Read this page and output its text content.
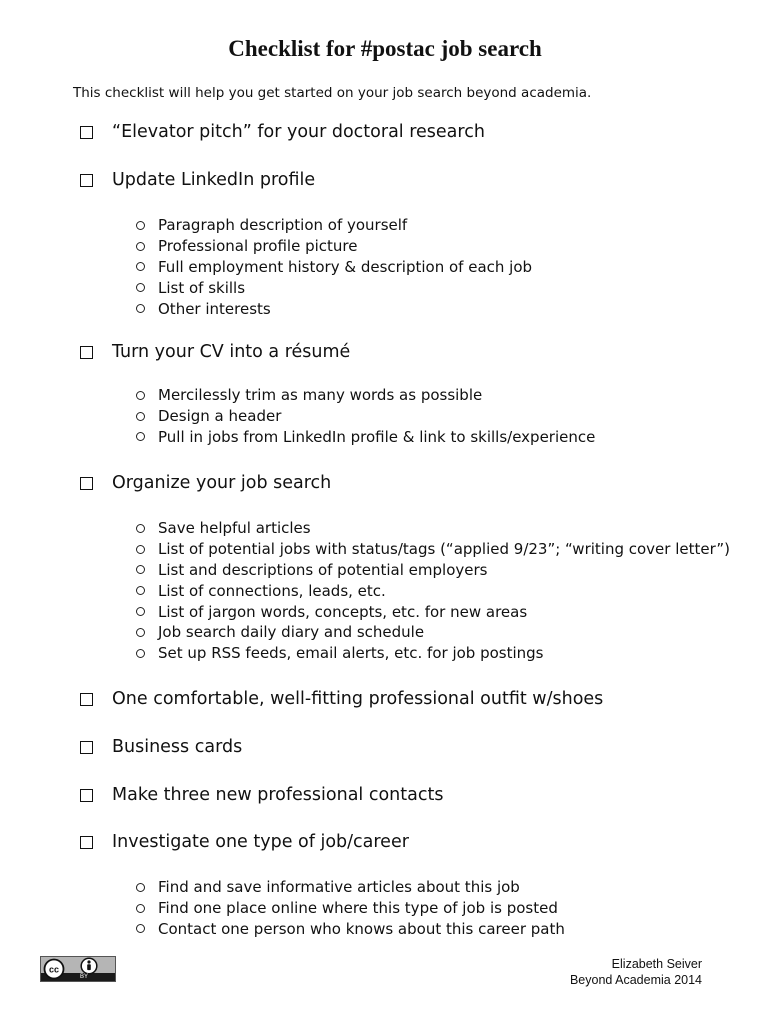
Checklist for #postac job search

This checklist will help you get started on your job search beyond academia.

“Elevator pitch” for your doctoral research
Update LinkedIn profile
Paragraph description of yourself
Professional profile picture
Full employment history & description of each job
List of skills
Other interests
Turn your CV into a résumé
Mercilessly trim as many words as possible
Design a header
Pull in jobs from LinkedIn profile & link to skills/experience
Organize your job search
Save helpful articles
List of potential jobs with status/tags (“applied 9/23”; “writing cover letter”)
List and descriptions of potential employers
List of connections, leads, etc.
List of jargon words, concepts, etc. for new areas
Job search daily diary and schedule
Set up RSS feeds, email alerts, etc. for job postings
One comfortable, well-fitting professional outfit w/shoes
Business cards
Make three new professional contacts
Investigate one type of job/career
Find and save informative articles about this job
Find one place online where this type of job is posted
Contact one person who knows about this career path
cc
BY
Elizabeth Seiver
Beyond Academia 2014
